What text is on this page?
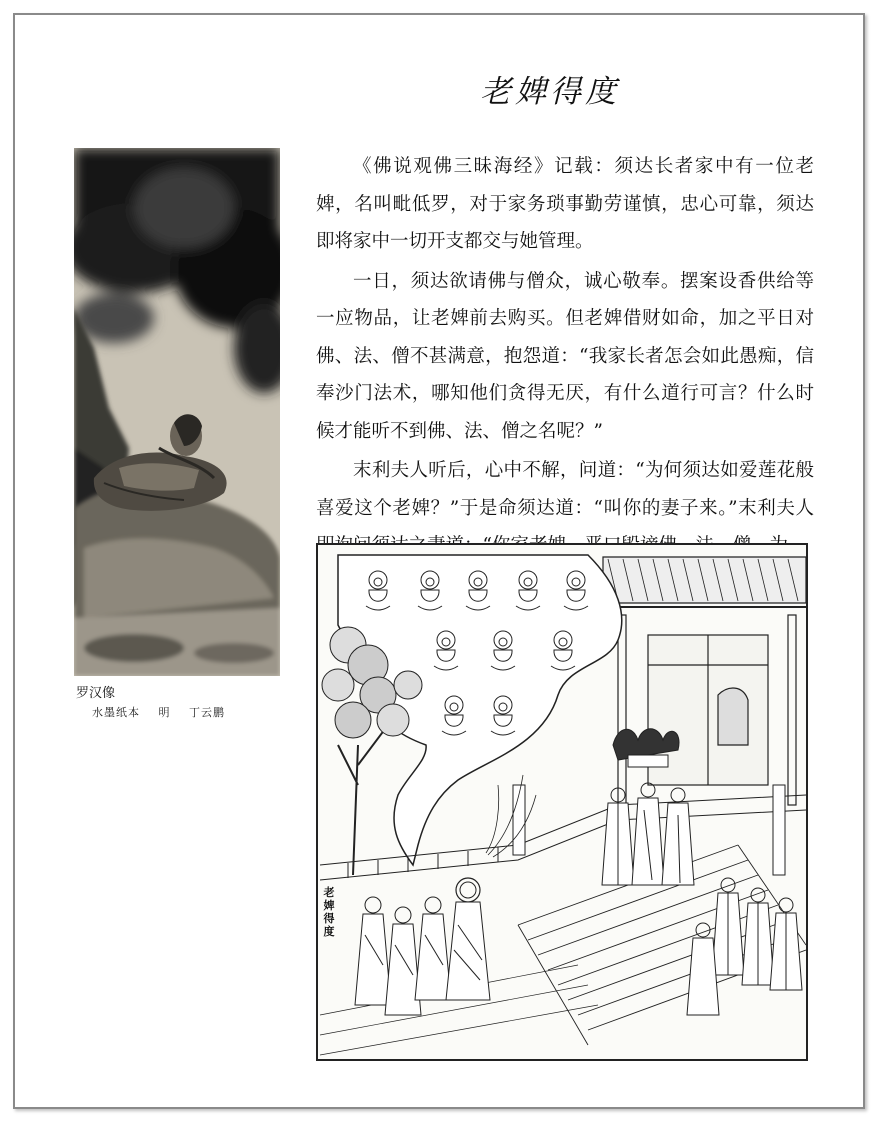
老婢得度
罗汉像
水墨纸本 明 丁云鹏

《佛说观佛三昧海经》记载：须达长者家中有一位老婢，名叫毗低罗，对于家务琐事勤劳谨慎，忠心可靠，须达即将家中一切开支都交与她管理。

一日，须达欲请佛与僧众，诚心敬奉。摆案设香供给等一应物品，让老婢前去购买。但老婢借财如命，加之平日对佛、法、僧不甚满意，抱怨道：“我家长者怎会如此愚痴，信奉沙门法术，哪知他们贪得无厌，有什么道行可言？什么时候才能听不到佛、法、僧之名呢？”

末利夫人听后，心中不解，问道：“为何须达如爱莲花般喜爱这个老婢？”于是命须达道：“叫你的妻子来。”末利夫人

老婢得度
